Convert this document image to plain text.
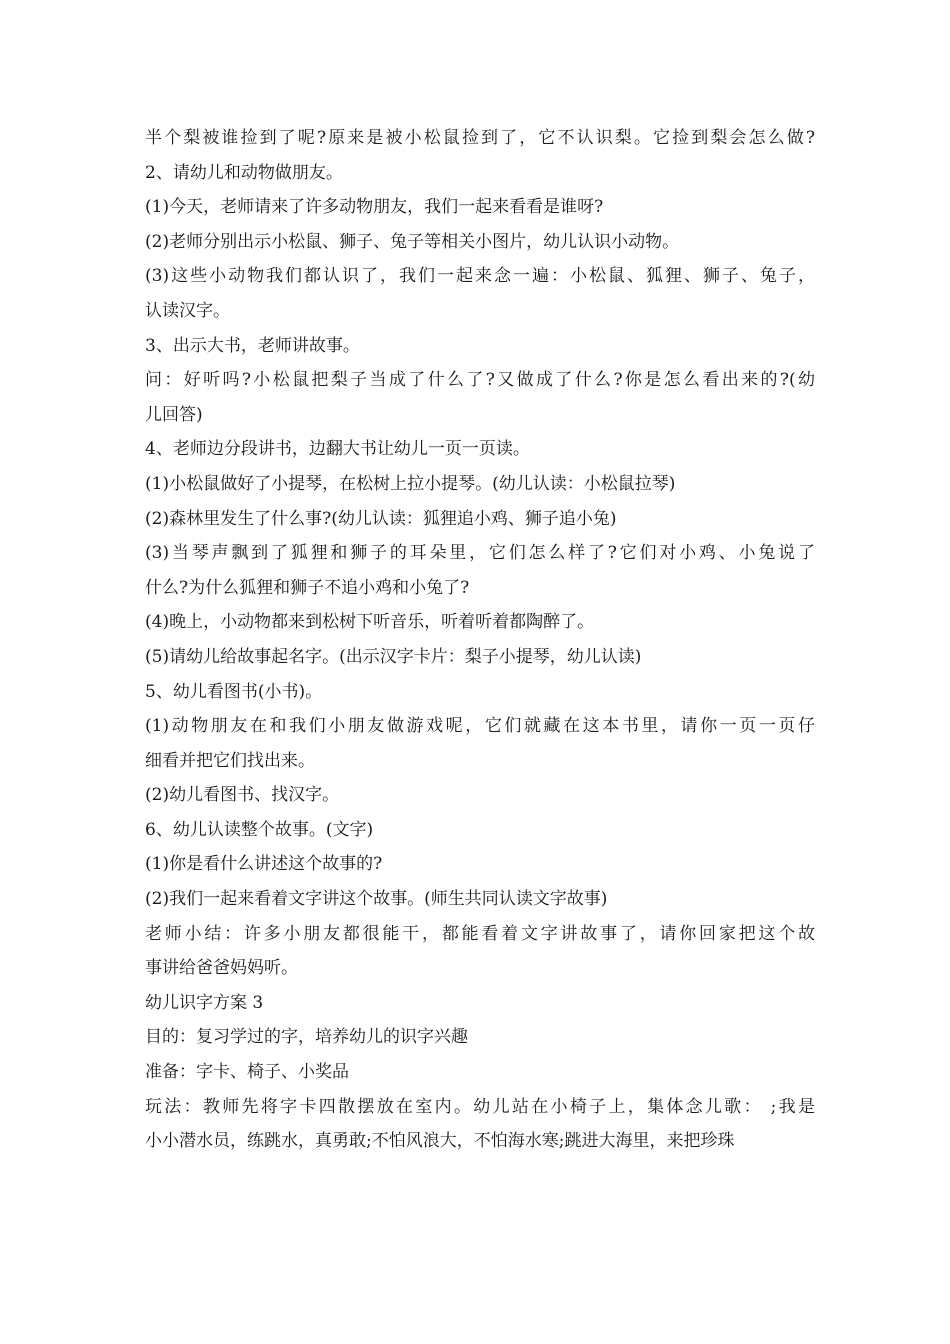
半个梨被谁捡到了呢?原来是被小松鼠捡到了，它不认识梨。它捡到梨会怎么做?
2、请幼儿和动物做朋友。
(1)今天，老师请来了许多动物朋友，我们一起来看看是谁呀?
(2)老师分别出示小松鼠、狮子、兔子等相关小图片，幼儿认识小动物。
(3)这些小动物我们都认识了，我们一起来念一遍：小松鼠、狐狸、狮子、兔子，
认读汉字。
3、出示大书，老师讲故事。
问：好听吗?小松鼠把梨子当成了什么了?又做成了什么?你是怎么看出来的?(幼
儿回答)
4、老师边分段讲书，边翻大书让幼儿一页一页读。
(1)小松鼠做好了小提琴，在松树上拉小提琴。(幼儿认读：小松鼠拉琴)
(2)森林里发生了什么事?(幼儿认读：狐狸追小鸡、狮子追小兔)
(3)当琴声飘到了狐狸和狮子的耳朵里，它们怎么样了?它们对小鸡、小兔说了
什么?为什么狐狸和狮子不追小鸡和小兔了?
(4)晚上，小动物都来到松树下听音乐，听着听着都陶醉了。
(5)请幼儿给故事起名字。(出示汉字卡片：梨子小提琴，幼儿认读)
5、幼儿看图书(小书)。
(1)动物朋友在和我们小朋友做游戏呢，它们就藏在这本书里，请你一页一页仔
细看并把它们找出来。
(2)幼儿看图书、找汉字。
6、幼儿认读整个故事。(文字)
(1)你是看什么讲述这个故事的?
(2)我们一起来看着文字讲这个故事。(师生共同认读文字故事)
老师小结：许多小朋友都很能干，都能看着文字讲故事了，请你回家把这个故
事讲给爸爸妈妈听。
幼儿识字方案 3
目的：复习学过的字，培养幼儿的识字兴趣
准备：字卡、椅子、小奖品
玩法：教师先将字卡四散摆放在室内。幼儿站在小椅子上，集体念儿歌： ;我是
小小潜水员，练跳水，真勇敢;不怕风浪大，不怕海水寒;跳进大海里，来把珍珠
